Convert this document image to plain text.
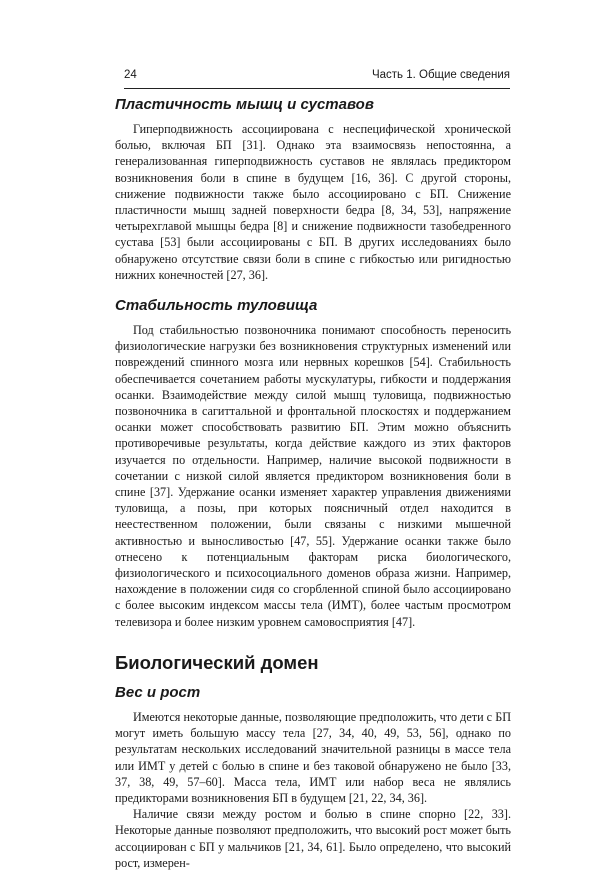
24	Часть 1. Общие сведения
Пластичность мышц и суставов

Гиперподвижность ассоциирована с неспецифической хронической болью, включая БП [31]. Однако эта взаимосвязь непостоянна, а генерализованная гиперподвижность суставов не являлась предиктором возникновения боли в спине в будущем [16, 36]. С другой стороны, снижение подвижности также было ассоциировано с БП. Снижение пластичности мышц задней поверхности бедра [8, 34, 53], напряжение четырехглавой мышцы бедра [8] и снижение подвижности тазобедренного сустава [53] были ассоциированы с БП. В других исследованиях было обнаружено отсутствие связи боли в спине с гибкостью или ригидностью нижних конечностей [27, 36].

Стабильность туловища

Под стабильностью позвоночника понимают способность переносить физиологические нагрузки без возникновения структурных изменений или повреждений спинного мозга или нервных корешков [54]. Стабильность обеспечивается сочетанием работы мускулатуры, гибкости и поддержания осанки. Взаимодействие между силой мышц туловища, подвижностью позвоночника в сагиттальной и фронтальной плоскостях и поддержанием осанки может способствовать развитию БП. Этим можно объяснить противоречивые результаты, когда действие каждого из этих факторов изучается по отдельности. Например, наличие высокой подвижности в сочетании с низкой силой является предиктором возникновения боли в спине [37]. Удержание осанки изменяет характер управления движениями туловища, а позы, при которых поясничный отдел находится в неестественном положении, были связаны с низкими мышечной активностью и выносливостью [47, 55]. Удержание осанки также было отнесено к потенциальным факторам риска биологического, физиологического и психосоциального доменов образа жизни. Например, нахождение в положении сидя со сгорбленной спиной было ассоциировано с более высоким индексом массы тела (ИМТ), более частым просмотром телевизора и более низким уровнем самовосприятия [47].

Биологический домен
Вес и рост

Имеются некоторые данные, позволяющие предположить, что дети с БП могут иметь большую массу тела [27, 34, 40, 49, 53, 56], однако по результатам нескольких исследований значительной разницы в массе тела или ИМТ у детей с болью в спине и без таковой обнаружено не было [33, 37, 38, 49, 57–60]. Масса тела, ИМТ или набор веса не являлись предикторами возникновения БП в будущем [21, 22, 34, 36].

Наличие связи между ростом и болью в спине спорно [22, 33]. Некоторые данные позволяют предположить, что высокий рост может быть ассоциирован с БП у мальчиков [21, 34, 61]. Было определено, что высокий рост, измерен-
